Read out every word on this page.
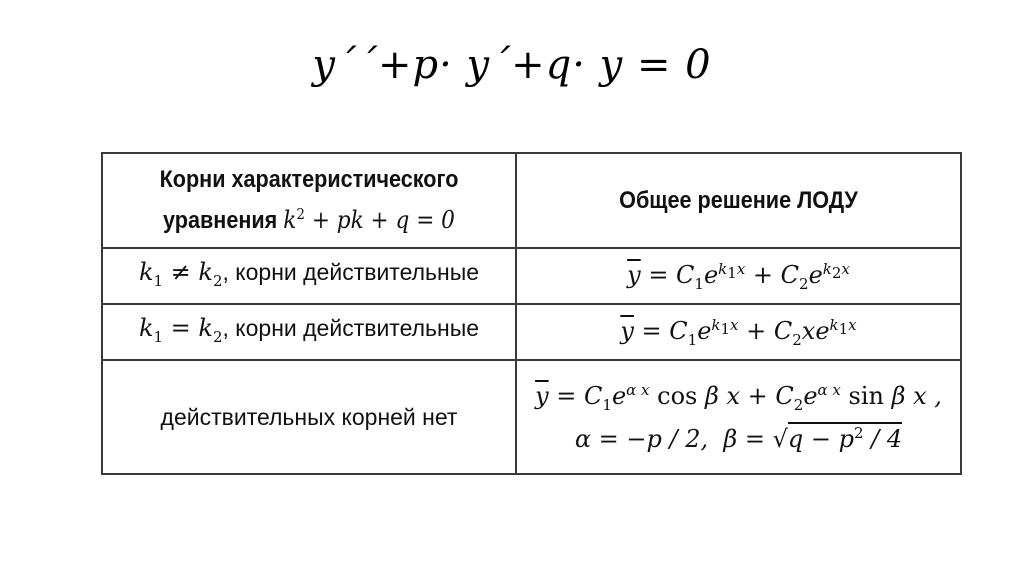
y´´+p· y´+q· y = 0
Корни характеристического
уравнения $k^2$ + pk + q = 0	Общее решение ЛОДУ

$k_1 \ne k_2$, корни действительные	$\overline{y} = C_1e^{k_1x} + C_2e^{k_2x}$
$k_1 = k_2$, корни действительные	$\overline{y} = C_1e^{k_1x} + C_2xe^{k_1x}$
действительных корней нет	$\overline{y} = C_1e^{\alpha x}$ cos β $x + C_2e^{\alpha x}$ sin β x ,
α = −p / 2,  $\beta = √q - p^2 / 4$
